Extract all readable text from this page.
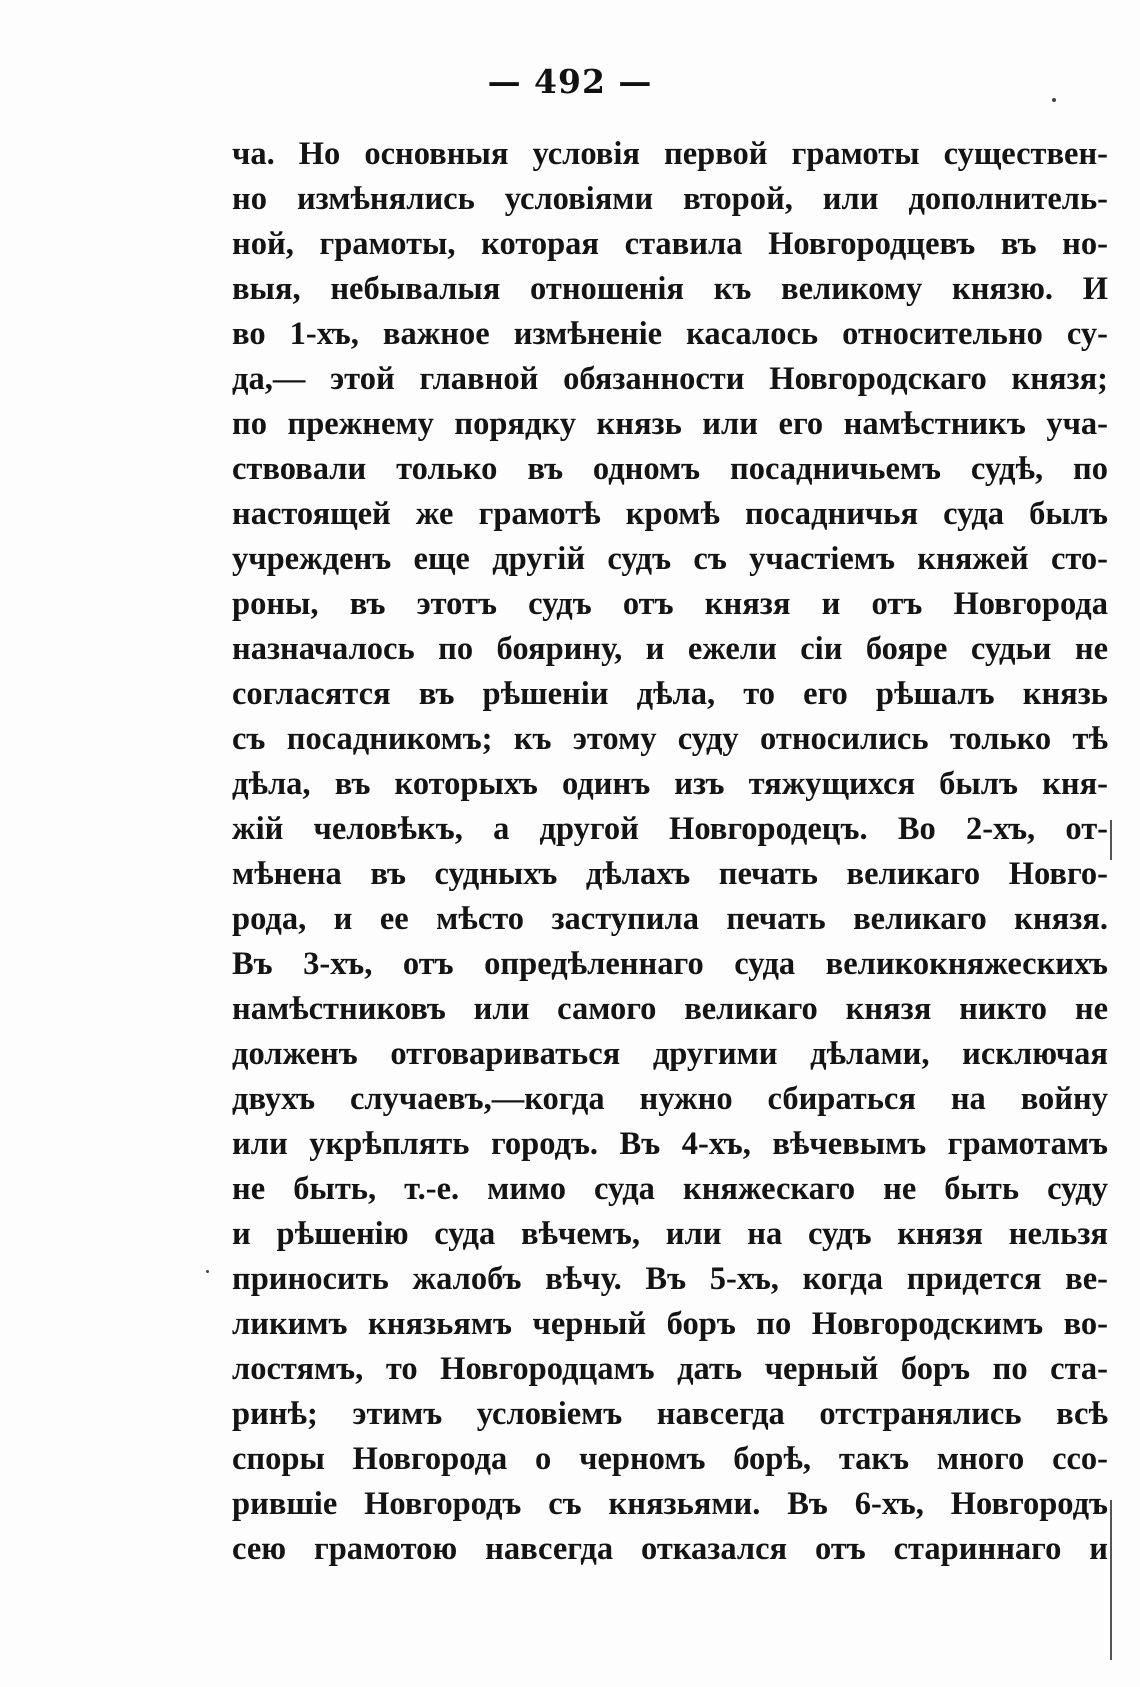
— 492 —
ча. Но основныя условія первой грамоты существен-
но измѣнялись условіями второй, или дополнитель-
ной, грамоты, которая ставила Новгородцевъ въ но-
выя, небывалыя отношенія къ великому князю. И
во 1-хъ, важное измѣненіе касалось относительно су-
да,— этой главной обязанности Новгородскаго князя;
по прежнему порядку князь или его намѣстникъ уча-
ствовали только въ одномъ посадничьемъ судѣ, по
настоящей же грамотѣ кромѣ посадничья суда былъ
учрежденъ еще другій судъ съ участіемъ княжей сто-
роны, въ этотъ судъ отъ князя и отъ Новгорода
назначалось по боярину, и ежели сіи бояре судьи не
согласятся въ рѣшеніи дѣла, то его рѣшалъ князь
съ посадникомъ; къ этому суду относились только тѣ
дѣла, въ которыхъ одинъ изъ тяжущихся былъ кня-
жій человѣкъ, а другой Новгородецъ. Во 2-хъ, от-
мѣнена въ судныхъ дѣлахъ печать великаго Новго-
рода, и ее мѣсто заступила печать великаго князя.
Въ 3-хъ, отъ опредѣленнаго суда великокняжескихъ
намѣстниковъ или самого великаго князя никто не
долженъ отговариваться другими дѣлами, исключая
двухъ случаевъ,—когда нужно сбираться на войну
или укрѣплять городъ. Въ 4-хъ, вѣчевымъ грамотамъ
не быть, т.-е. мимо суда княжескаго не быть суду
и рѣшенію суда вѣчемъ, или на судъ князя нельзя
приносить жалобъ вѣчу. Въ 5-хъ, когда придется ве-
ликимъ князьямъ черный боръ по Новгородскимъ во-
лостямъ, то Новгородцамъ дать черный боръ по ста-
ринѣ; этимъ условіемъ навсегда отстранялись всѣ
споры Новгорода о черномъ борѣ, такъ много ссо-
рившіе Новгородъ съ князьями. Въ 6-хъ, Новгородъ
сею грамотою навсегда отказался отъ стариннаго и
